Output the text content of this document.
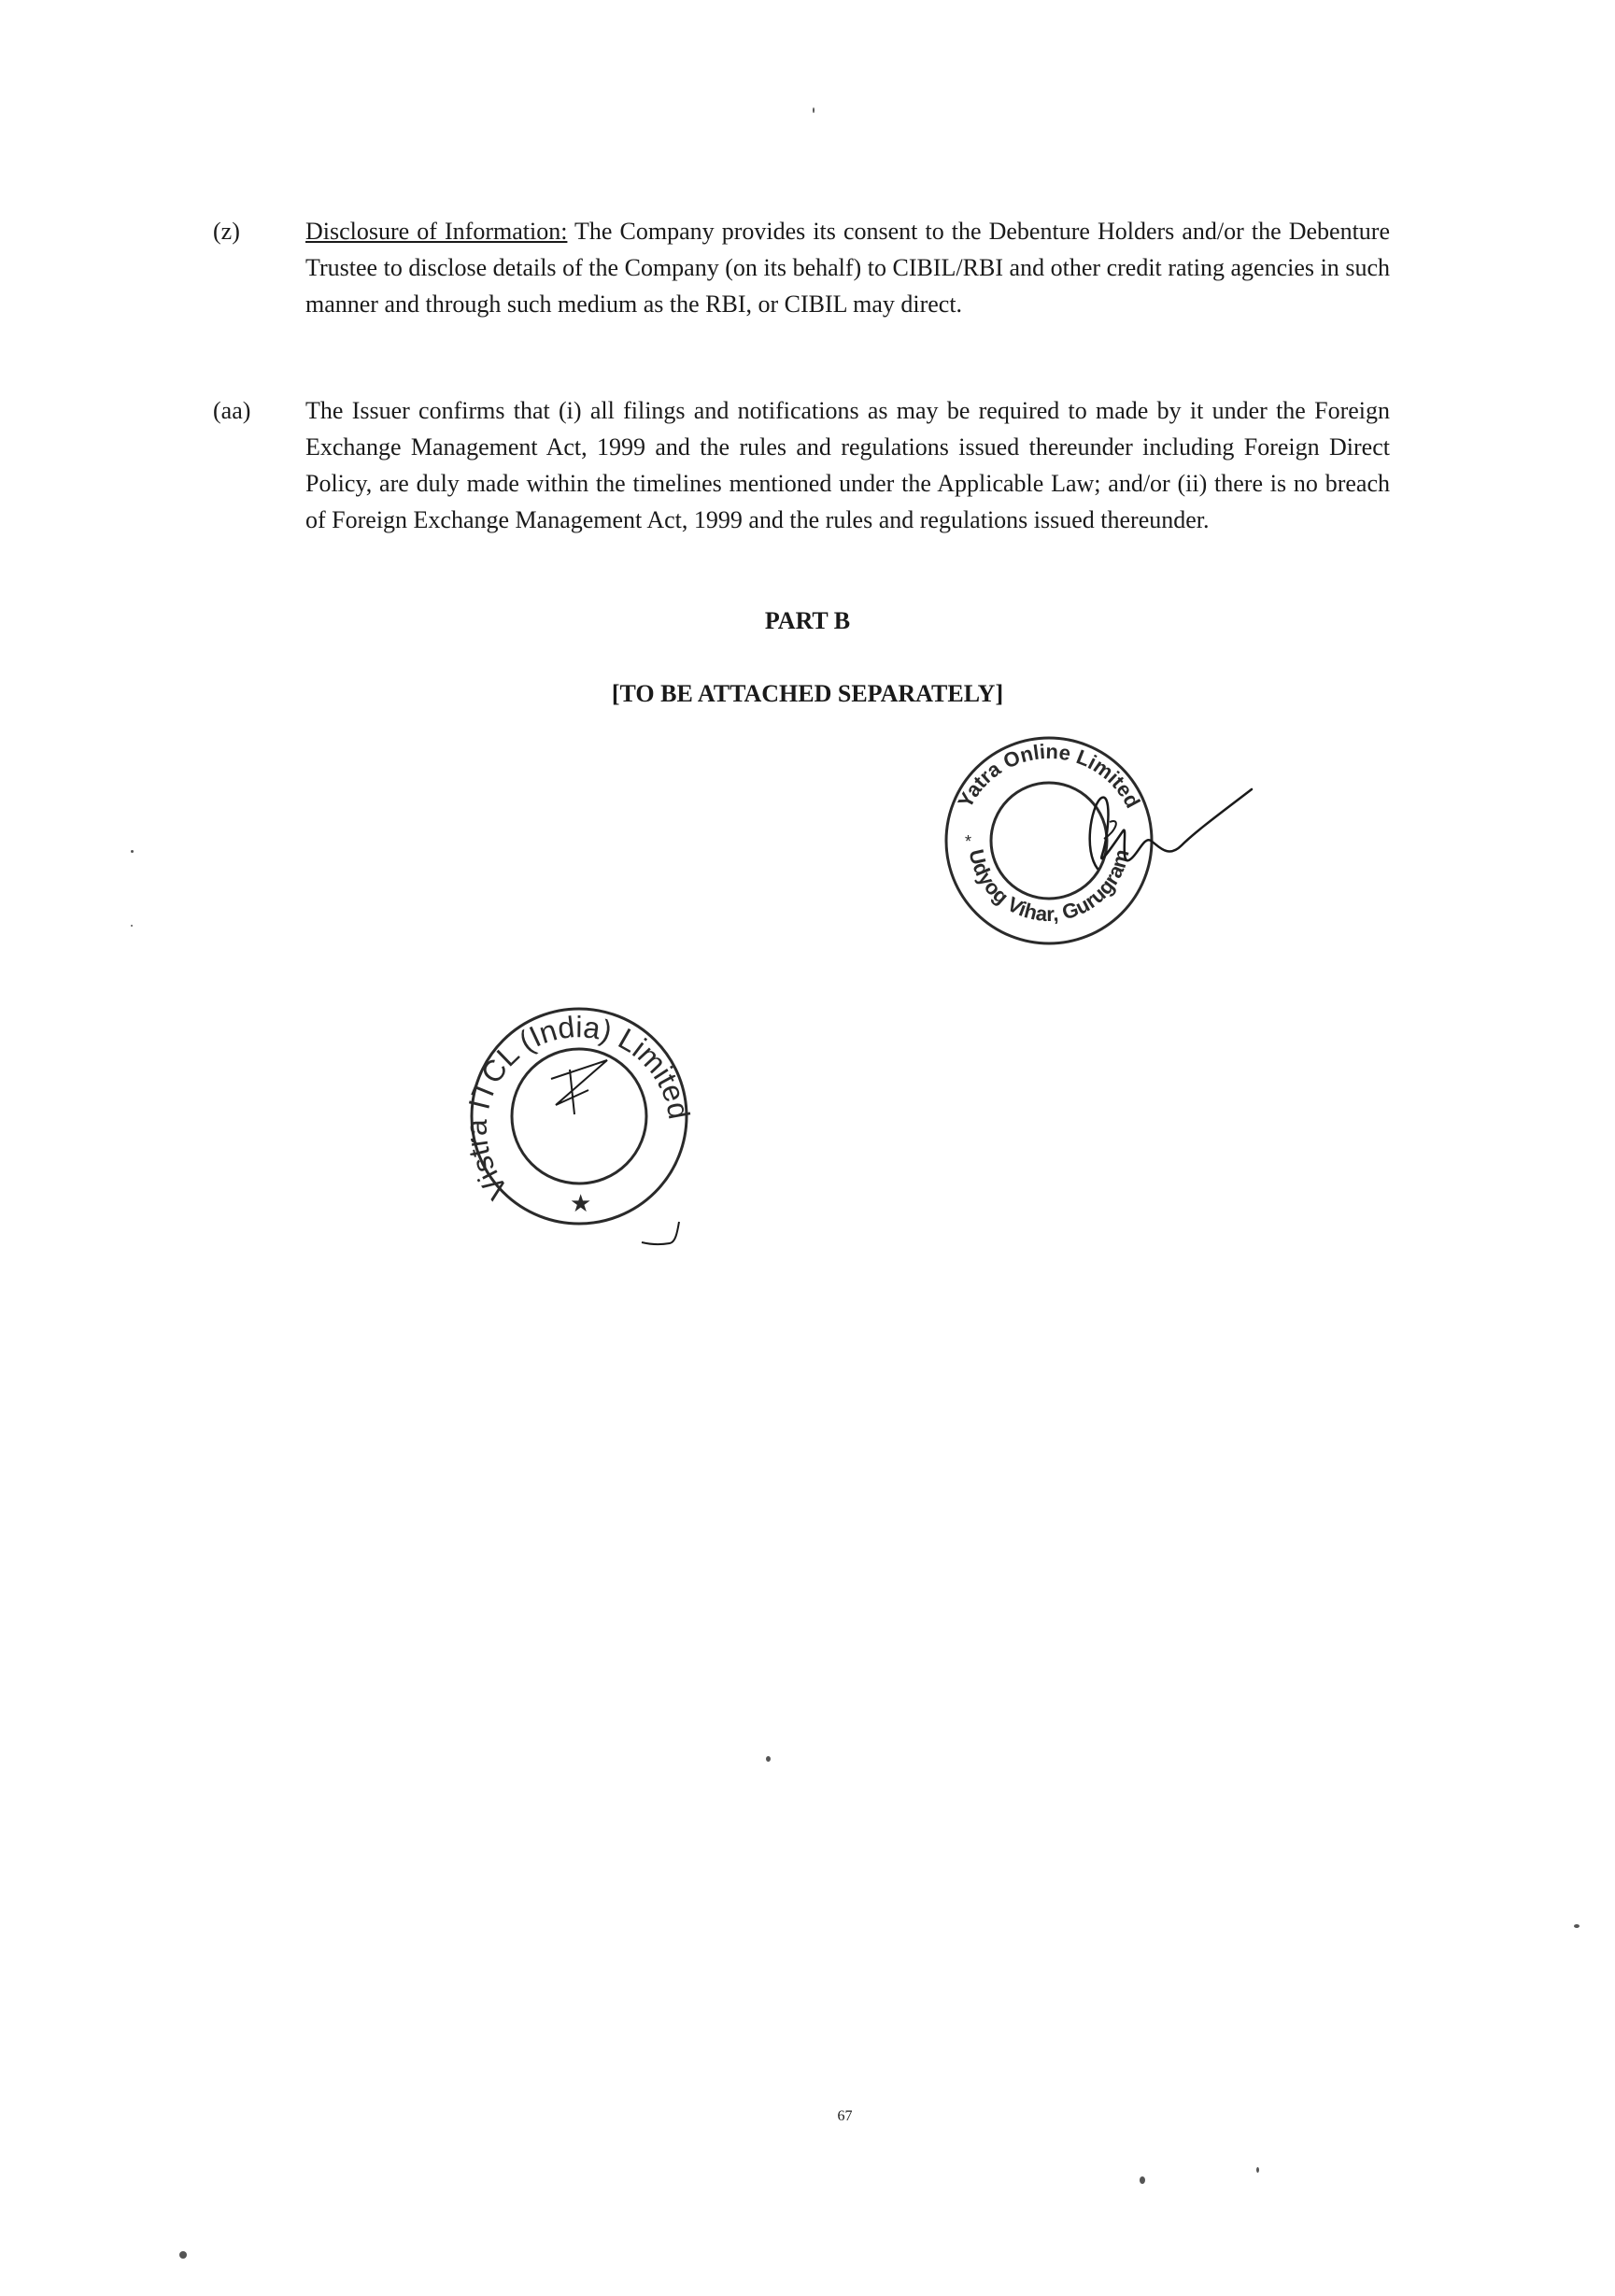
(z)	Disclosure of Information: The Company provides its consent to the Debenture Holders and/or the Debenture Trustee to disclose details of the Company (on its behalf) to CIBIL/RBI and other credit rating agencies in such manner and through such medium as the RBI, or CIBIL may direct.
(aa) The Issuer confirms that (i) all filings and notifications as may be required to made by it under the Foreign Exchange Management Act, 1999 and the rules and regulations issued thereunder including Foreign Direct Policy, are duly made within the timelines mentioned under the Applicable Law; and/or (ii) there is no breach of Foreign Exchange Management Act, 1999 and the rules and regulations issued thereunder.
PART B
[TO BE ATTACHED SEPARATELY]
Yatra Online Limited
Udyog Vihar, Gurugram
*
Vistra ITCL (India) Limited
★
67
